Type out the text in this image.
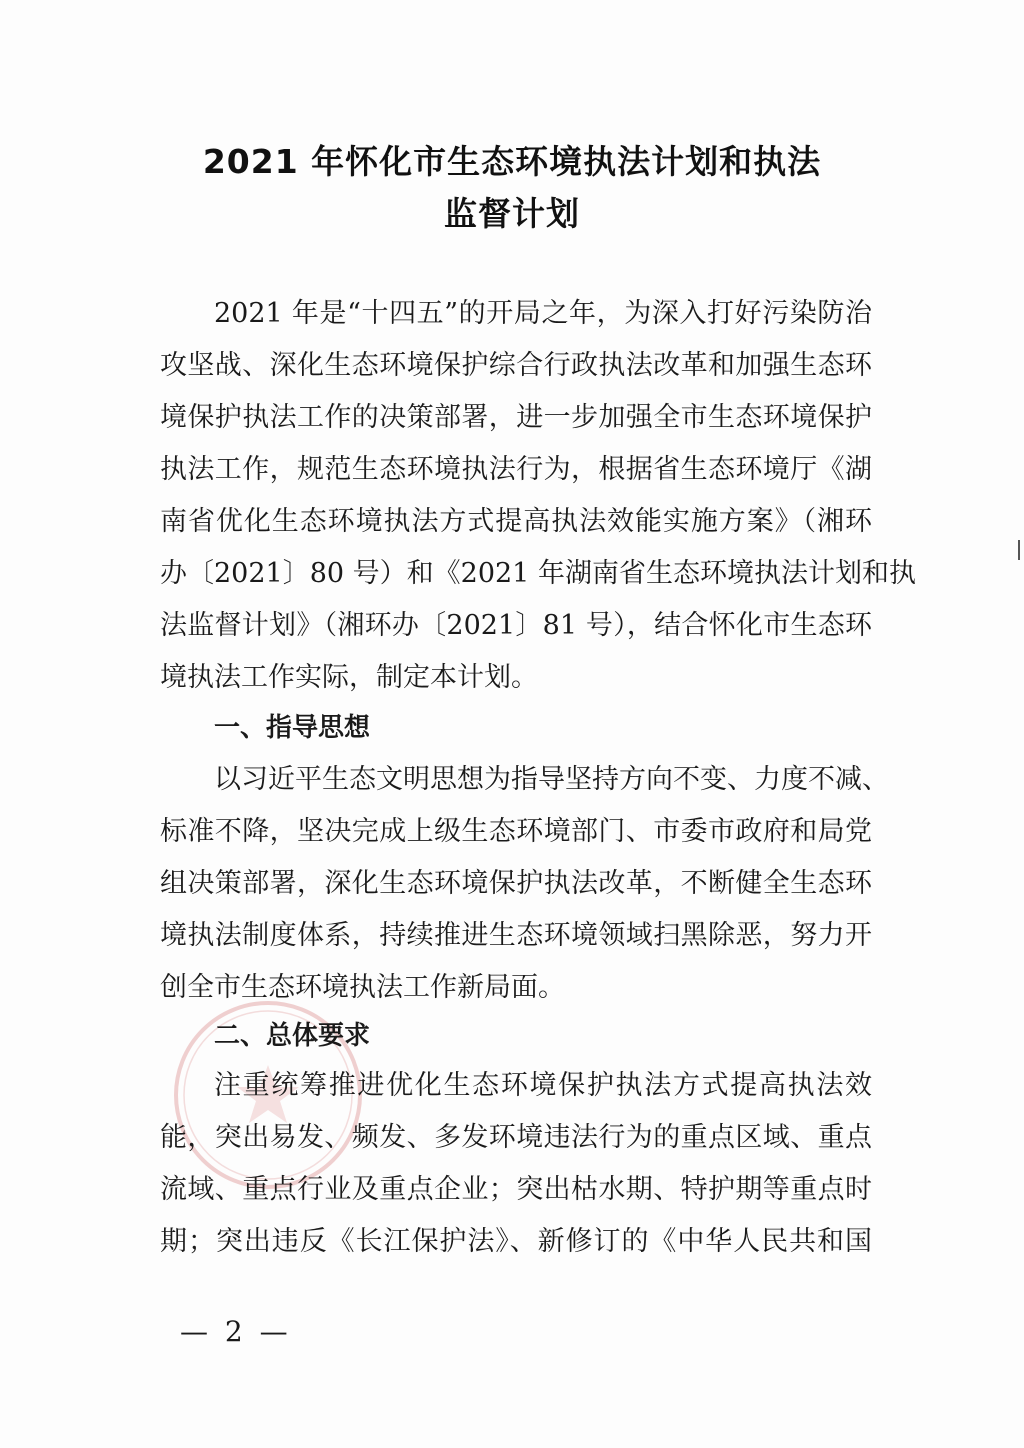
2021 年怀化市生态环境执法计划和执法
监督计划
2021 年是“十四五”的开局之年，为深入打好污染防治
攻坚战、深化生态环境保护综合行政执法改革和加强生态环
境保护执法工作的决策部署，进一步加强全市生态环境保护
执法工作，规范生态环境执法行为，根据省生态环境厅《湖
南省优化生态环境执法方式提高执法效能实施方案》（湘环
办〔2021〕80 号）和《2021 年湖南省生态环境执法计划和执
法监督计划》（湘环办〔2021〕81 号），结合怀化市生态环
境执法工作实际，制定本计划。
一、指导思想
以习近平生态文明思想为指导坚持方向不变、力度不减、
标准不降，坚决完成上级生态环境部门、市委市政府和局党
组决策部署，深化生态环境保护执法改革，不断健全生态环
境执法制度体系，持续推进生态环境领域扫黑除恶，努力开
创全市生态环境执法工作新局面。
二、总体要求
注重统筹推进优化生态环境保护执法方式提高执法效
能，突出易发、频发、多发环境违法行为的重点区域、重点
流域、重点行业及重点企业；突出枯水期、特护期等重点时
期；突出违反《长江保护法》、新修订的《中华人民共和国
— 2 —
